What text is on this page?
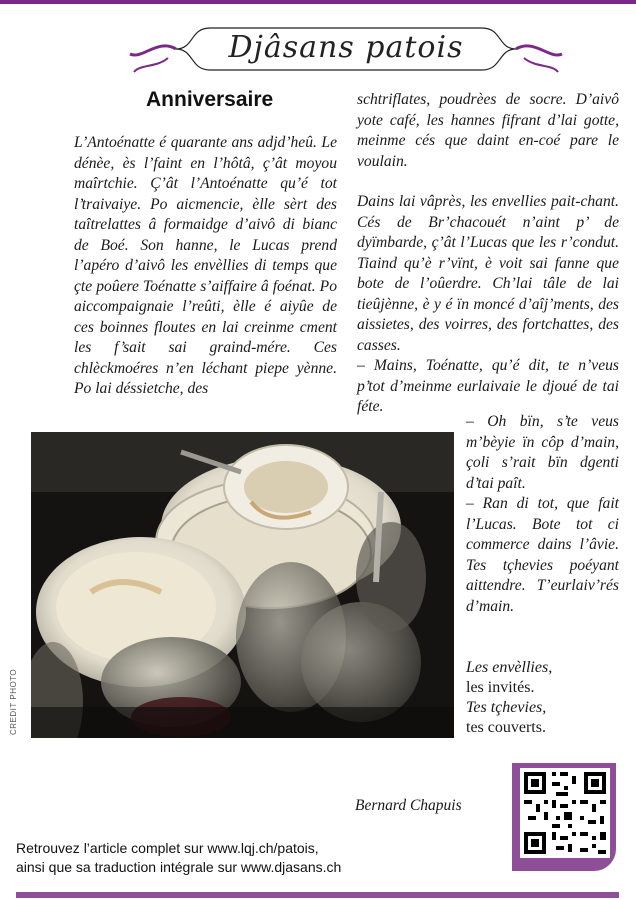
Djâsans patois
Anniversaire

L’Antoénatte é quarante ans adjd’heû. Le dénèe, ès l’faint en l’hôtâ, ç’ât moyou maîrtchie. Ç’ât l’Antoénatte qu’é tot l’traivaiye. Po aicmencie, èlle sèrt des taîtrelattes â formaidge d’aivô di bianc de Boé. Son hanne, le Lucas prend l’apéro d’aivô les envèllies di temps que çte poûere Toénatte s’aiffaire â foénat. Po aiccompaignaie l’reûti, èlle é aiyûe de ces boinnes floutes en lai creinme cment les f’sait sai graind-mére. Ces chlèckmoéres n’en léchant piepe yènne. Po lai déssietche, des

schtriflates, poudrèes de socre. D’aivô yote café, les hannes fifrant d’lai gotte, meinme cés que daint en-coé pare le voulain.

Dains lai vâprès, les envellies pait-chant. Cés de Br’chacouét n’aint p’ de dyïmbarde, ç’ât l’Lucas que les r’condut. Tiaind qu’è r’vïnt, è voit sai fanne que bote de l’oûerdre. Ch’lai tâle de lai tieûjènne, è y é ïn moncé d’aîj’ments, des aissietes, des voirres, des fortchattes, des casses.

– Mains, Toénatte, qu’é dit, te n’veus p’tot d’meinme eurlaivaie le djoué de tai féte.

– Oh bïn, s’te veus m’bèyie ïn côp d’main, çoli s’rait bïn dgenti d’tai paît.

– Ran di tot, que fait l’Lucas. Bote tot ci commerce dains l’âvie. Tes tçhevies poéyant aittendre. T’eurlaiv’rés d’main.

CREDIT PHOTO
Les envèllies,
les invités.
Tes tçhevies,
tes couverts.
Bernard Chapuis
Retrouvez l’article complet sur www.lqj.ch/patois,
ainsi que sa traduction intégrale sur www.djasans.ch
